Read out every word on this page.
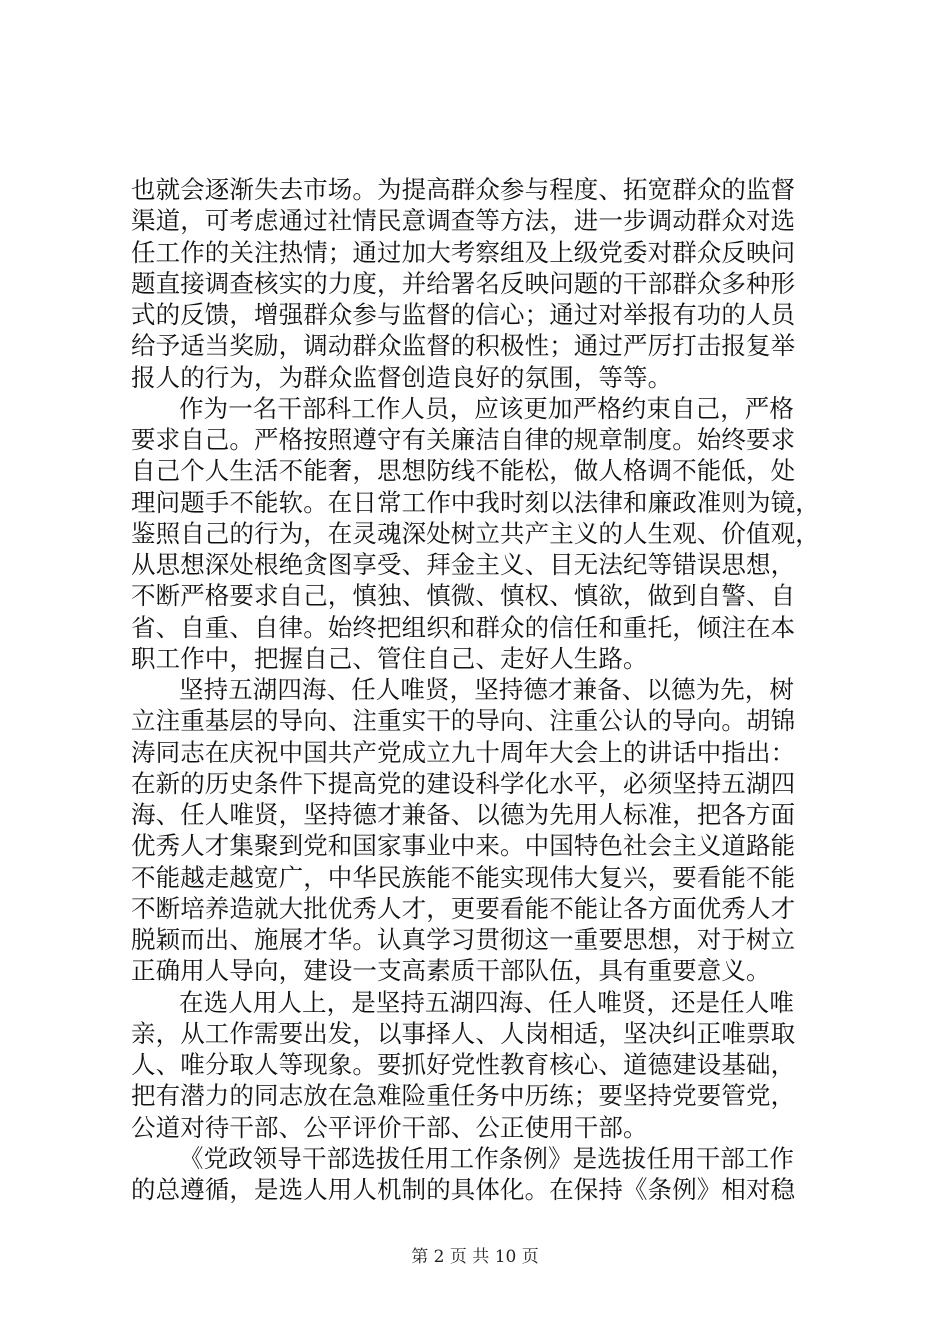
也就会逐渐失去市场。为提高群众参与程度、拓宽群众的监督
渠道，可考虑通过社情民意调查等方法，进一步调动群众对选
任工作的关注热情；通过加大考察组及上级党委对群众反映问
题直接调查核实的力度，并给署名反映问题的干部群众多种形
式的反馈，增强群众参与监督的信心；通过对举报有功的人员
给予适当奖励，调动群众监督的积极性；通过严厉打击报复举
报人的行为，为群众监督创造良好的氛围，等等。
作为一名干部科工作人员，应该更加严格约束自己，严格
要求自己。严格按照遵守有关廉洁自律的规章制度。始终要求
自己个人生活不能奢，思想防线不能松，做人格调不能低，处
理问题手不能软。在日常工作中我时刻以法律和廉政准则为镜，
鉴照自己的行为，在灵魂深处树立共产主义的人生观、价值观，
从思想深处根绝贪图享受、拜金主义、目无法纪等错误思想，
不断严格要求自己，慎独、慎微、慎权、慎欲，做到自警、自
省、自重、自律。始终把组织和群众的信任和重托，倾注在本
职工作中，把握自己、管住自己、走好人生路。
坚持五湖四海、任人唯贤，坚持德才兼备、以德为先，树
立注重基层的导向、注重实干的导向、注重公认的导向。胡锦
涛同志在庆祝中国共产党成立九十周年大会上的讲话中指出：
在新的历史条件下提高党的建设科学化水平，必须坚持五湖四
海、任人唯贤，坚持德才兼备、以德为先用人标准，把各方面
优秀人才集聚到党和国家事业中来。中国特色社会主义道路能
不能越走越宽广，中华民族能不能实现伟大复兴，要看能不能
不断培养造就大批优秀人才，更要看能不能让各方面优秀人才
脱颖而出、施展才华。认真学习贯彻这一重要思想，对于树立
正确用人导向，建设一支高素质干部队伍，具有重要意义。
在选人用人上，是坚持五湖四海、任人唯贤，还是任人唯
亲，从工作需要出发，以事择人、人岗相适，坚决纠正唯票取
人、唯分取人等现象。要抓好党性教育核心、道德建设基础，
把有潜力的同志放在急难险重任务中历练；要坚持党要管党，
公道对待干部、公平评价干部、公正使用干部。
《党政领导干部选拔任用工作条例》是选拔任用干部工作
的总遵循，是选人用人机制的具体化。在保持《条例》相对稳
第 2 页 共 10 页
